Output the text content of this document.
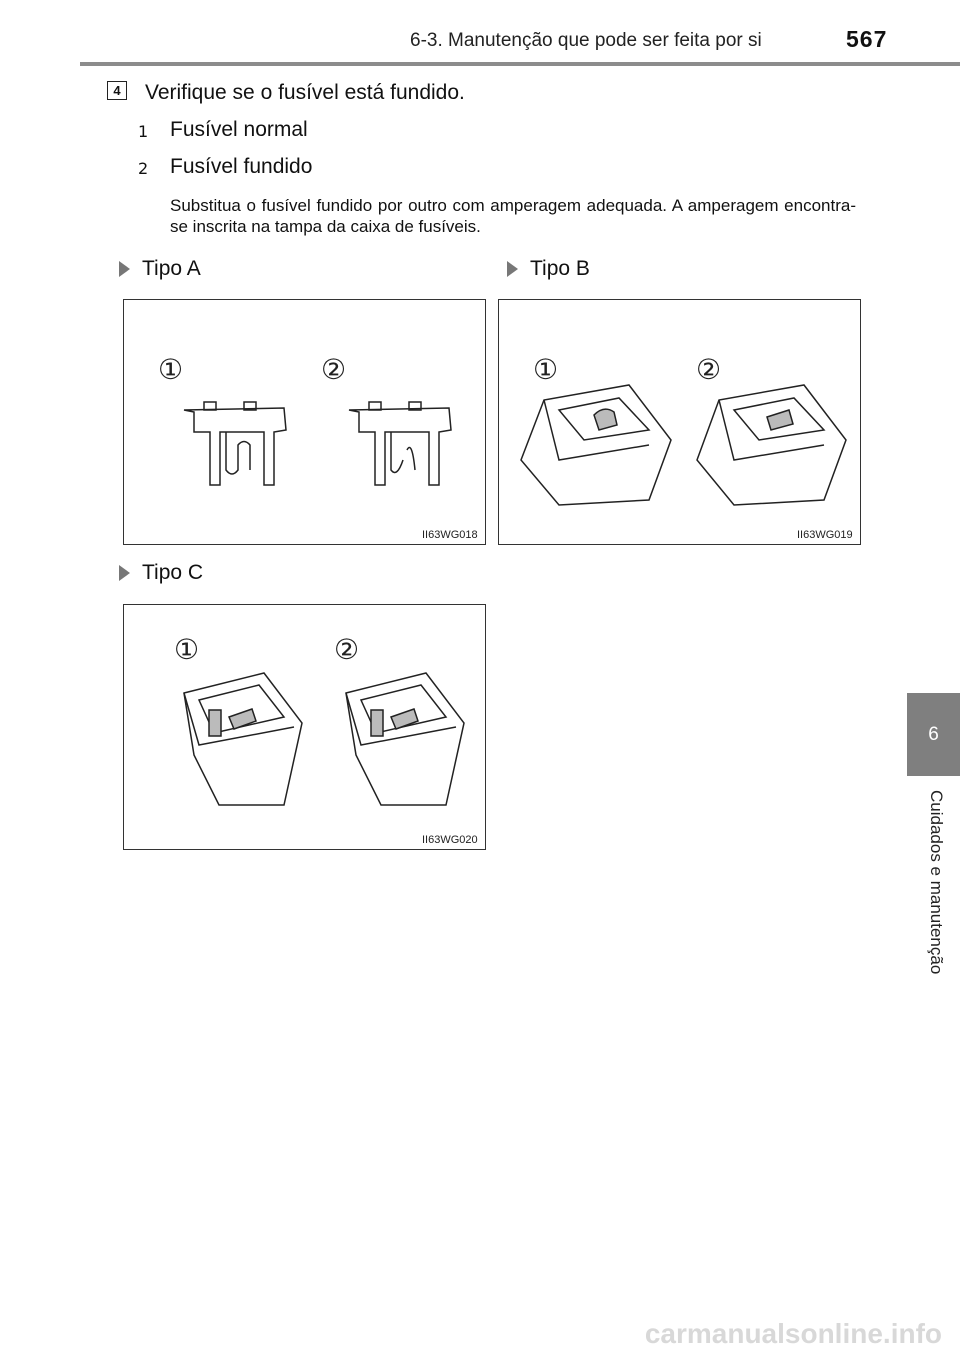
6-3. Manutenção que pode ser feita por si	567
6
Cuidados e manutenção
4	Verifique se o fusível está fundido.
1 Fusível normal
2 Fusível fundido
Substitua o fusível fundido por outro com amperagem adequada. A amperagem encontra-se inscrita na tampa da caixa de fusíveis.
Tipo A	Tipo B
Tipo C
①	②
II63WG018
①	②
II63WG019
①	②
II63WG020
carmanualsonline.info
